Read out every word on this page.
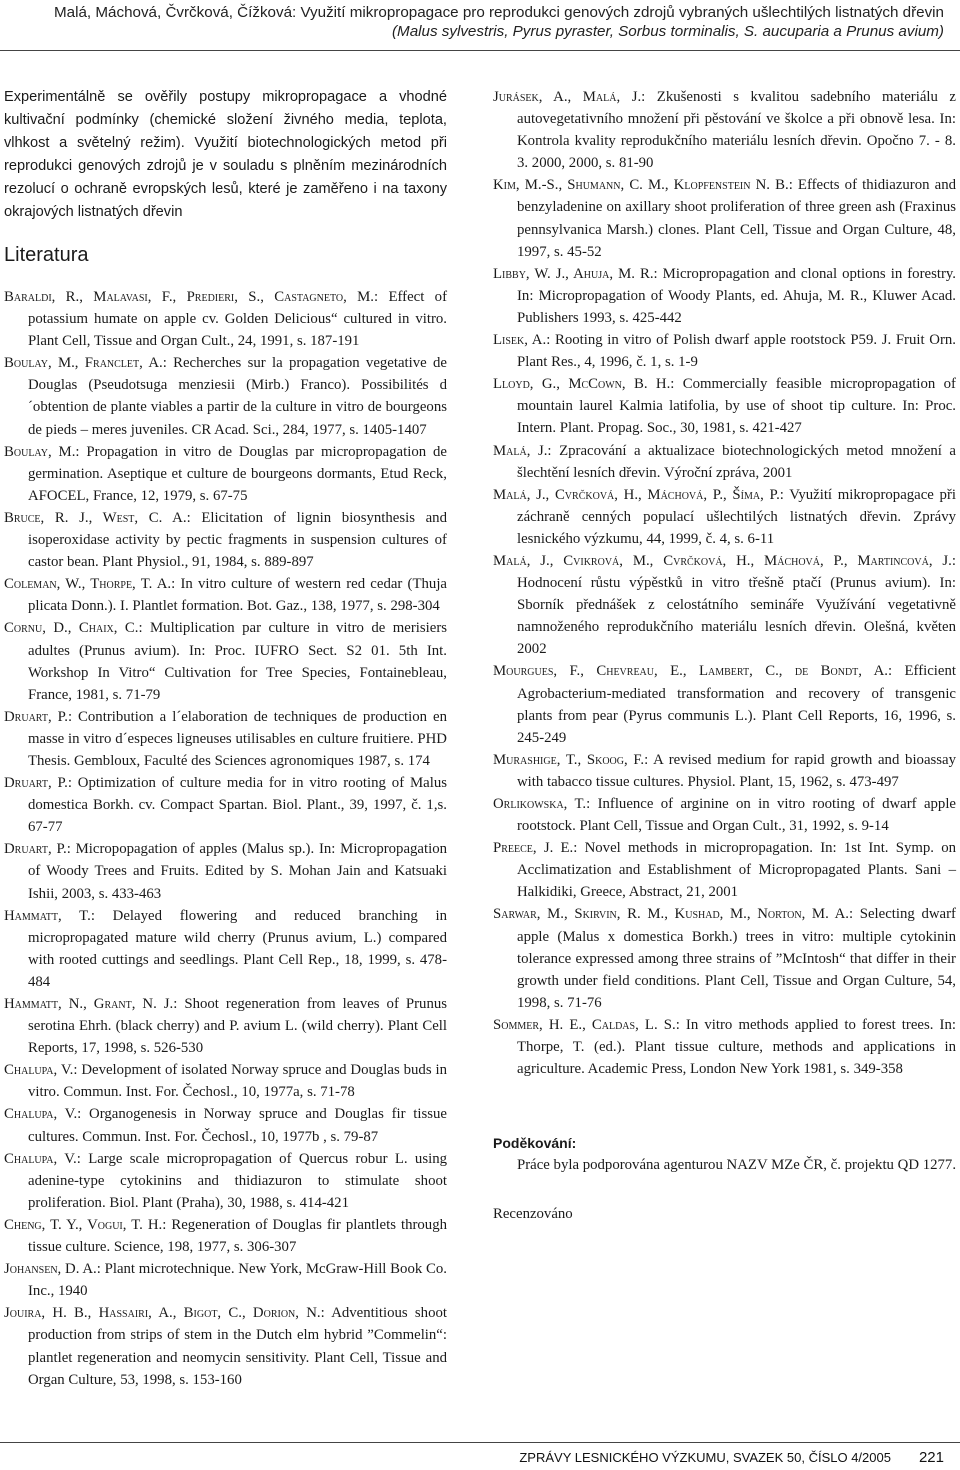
Malá, Máchová, Čvrčková, Čížková: Využití mikropropagace pro reprodukci genových zdrojů vybraných ušlechtilých listnatých dřevin
(Malus sylvestris, Pyrus pyraster, Sorbus torminalis, S. aucuparia a Prunus avium)
Experimentálně se ověřily postupy mikropropagace a vhodné kultivační podmínky (chemické složení živného media, teplota, vlhkost a světelný režim). Využití biotechnologických metod při reprodukci genových zdrojů je v souladu s plněním mezinárodních rezolucí o ochraně evropských lesů, které je zaměřeno i na taxony okrajových listnatých dřevin
Literatura

Baraldi, R., Malavasi, F., Predieri, S., Castagneto, M.: Effect of potassium humate on apple cv. Golden Delicious“ cultured in vitro. Plant Cell, Tissue and Organ Cult., 24, 1991, s. 187-191

Boulay, M., Franclet, A.: Recherches sur la propagation vegetative de Douglas (Pseudotsuga menziesii (Mirb.) Franco). Possibilités d´obtention de plante viables a partir de la culture in vitro de bourgeons de pieds – meres juveniles. CR Acad. Sci., 284, 1977, s. 1405-1407

Boulay, M.: Propagation in vitro de Douglas par micropropagation de germination. Aseptique et culture de bourgeons dormants, Etud Reck, AFOCEL, France, 12, 1979, s. 67-75

Bruce, R. J., West, C. A.: Elicitation of lignin biosynthesis and isoperoxidase activity by pectic fragments in suspension cultures of castor bean. Plant Physiol., 91, 1984, s. 889-897

Coleman, W., Thorpe, T. A.: In vitro culture of western red cedar (Thuja plicata Donn.). I. Plantlet formation. Bot. Gaz., 138, 1977, s. 298-304

Cornu, D., Chaix, C.: Multiplication par culture in vitro de merisiers adultes (Prunus avium). In: Proc. IUFRO Sect. S2 01. 5th Int. Workshop In Vitro“ Cultivation for Tree Species, Fontainebleau, France, 1981, s. 71-79

Druart, P.: Contribution a l´elaboration de techniques de production en masse in vitro d´especes ligneuses utilisables en culture fruitiere. PHD Thesis. Gembloux, Faculté des Sciences agronomiques 1987, s. 174

Druart, P.: Optimization of culture media for in vitro rooting of Malus domestica Borkh. cv. Compact Spartan. Biol. Plant., 39, 1997, č. 1,s. 67-77

Druart, P.: Micropopagation of apples (Malus sp.). In: Micropropagation of Woody Trees and Fruits. Edited by S. Mohan Jain and Katsuaki Ishii, 2003, s. 433-463

Hammatt, T.: Delayed flowering and reduced branching in micropropagated mature wild cherry (Prunus avium, L.) compared with rooted cuttings and seedlings. Plant Cell Rep., 18, 1999, s. 478-484

Hammatt, N., Grant, N. J.: Shoot regeneration from leaves of Prunus serotina Ehrh. (black cherry) and P. avium L. (wild cherry). Plant Cell Reports, 17, 1998, s. 526-530

Chalupa, V.: Development of isolated Norway spruce and Douglas buds in vitro. Commun. Inst. For. Čechosl., 10, 1977a, s. 71-78

Chalupa, V.: Organogenesis in Norway spruce and Douglas fir tissue cultures. Commun. Inst. For. Čechosl., 10, 1977b , s. 79-87

Chalupa, V.: Large scale micropropagation of Quercus robur L. using adenine-type cytokinins and thidiazuron to stimulate shoot proliferation. Biol. Plant (Praha), 30, 1988, s. 414-421

Cheng, T. Y., Vogui, T. H.: Regeneration of Douglas fir plantlets through tissue culture. Science, 198, 1977, s. 306-307

Johansen, D. A.: Plant microtechnique. New York, McGraw-Hill Book Co. Inc., 1940

Jouira, H. B., Hassairi, A., Bigot, C., Dorion, N.: Adventitious shoot production from strips of stem in the Dutch elm hybrid ”Commelin“: plantlet regeneration and neomycin sensitivity. Plant Cell, Tissue and Organ Culture, 53, 1998, s. 153-160

Jurásek, A., Malá, J.: Zkušenosti s kvalitou sadebního materiálu z autovegetativního množení při pěstování ve školce a při obnově lesa. In: Kontrola kvality reprodukčního materiálu lesních dřevin. Opočno 7. - 8. 3. 2000, 2000, s. 81-90

Kim, M.-S., Shumann, C. M., Klopfenstein N. B.: Effects of thidiazuron and benzyladenine on axillary shoot proliferation of three green ash (Fraxinus pennsylvanica Marsh.) clones. Plant Cell, Tissue and Organ Culture, 48, 1997, s. 45-52

Libby, W. J., Ahuja, M. R.: Micropropagation and clonal options in forestry. In: Micropropagation of Woody Plants, ed. Ahuja, M. R., Kluwer Acad. Publishers 1993, s. 425-442

Lisek, A.: Rooting in vitro of Polish dwarf apple rootstock P59. J. Fruit Orn. Plant Res., 4, 1996, č. 1, s. 1-9

Lloyd, G., McCown, B. H.: Commercially feasible micropropagation of mountain laurel Kalmia latifolia, by use of shoot tip culture. In: Proc. Intern. Plant. Propag. Soc., 30, 1981, s. 421-427

Malá, J.: Zpracování a aktualizace biotechnologických metod množení a šlechtění lesních dřevin. Výroční zpráva, 2001

Malá, J., Cvrčková, H., Máchová, P., Šíma, P.: Využití mikropropagace při záchraně cenných populací ušlechtilých listnatých dřevin. Zprávy lesnického výzkumu, 44, 1999, č. 4, s. 6-11

Malá, J., Cvikrová, M., Cvrčková, H., Máchová, P., Martincová, J.: Hodnocení růstu výpěstků in vitro třešně ptačí (Prunus avium). In: Sborník přednášek z celostátního semináře Využívání vegetativně namnoženého reprodukčního materiálu lesních dřevin. Olešná, květen 2002

Mourgues, F., Chevreau, E., Lambert, C., de Bondt, A.: Efficient Agrobacterium-mediated transformation and recovery of transgenic plants from pear (Pyrus communis L.). Plant Cell Reports, 16, 1996, s. 245-249

Murashige, T., Skoog, F.: A revised medium for rapid growth and bioassay with tabacco tissue cultures. Physiol. Plant, 15, 1962, s. 473-497

Orlikowska, T.: Influence of arginine on in vitro rooting of dwarf apple rootstock. Plant Cell, Tissue and Organ Cult., 31, 1992, s. 9-14

Preece, J. E.: Novel methods in micropropagation. In: 1st Int. Symp. on Acclimatization and Establishment of Micropropagated Plants. Sani – Halkidiki, Greece, Abstract, 21, 2001

Sarwar, M., Skirvin, R. M., Kushad, M., Norton, M. A.: Selecting dwarf apple (Malus x domestica Borkh.) trees in vitro: multiple cytokinin tolerance expressed among three strains of ”McIntosh“ that differ in their growth under field conditions. Plant Cell, Tissue and Organ Culture, 54, 1998, s. 71-76

Sommer, H. E., Caldas, L. S.: In vitro methods applied to forest trees. In: Thorpe, T. (ed.). Plant tissue culture, methods and applications in agriculture. Academic Press, London New York 1981, s. 349-358

Poděkování:
Práce byla podporována agenturou NAZV MZe ČR, č. projektu QD 1277.
Recenzováno
ZPRÁVY LESNICKÉHO VÝZKUMU, SVAZEK 50, ČÍSLO 4/2005 221
